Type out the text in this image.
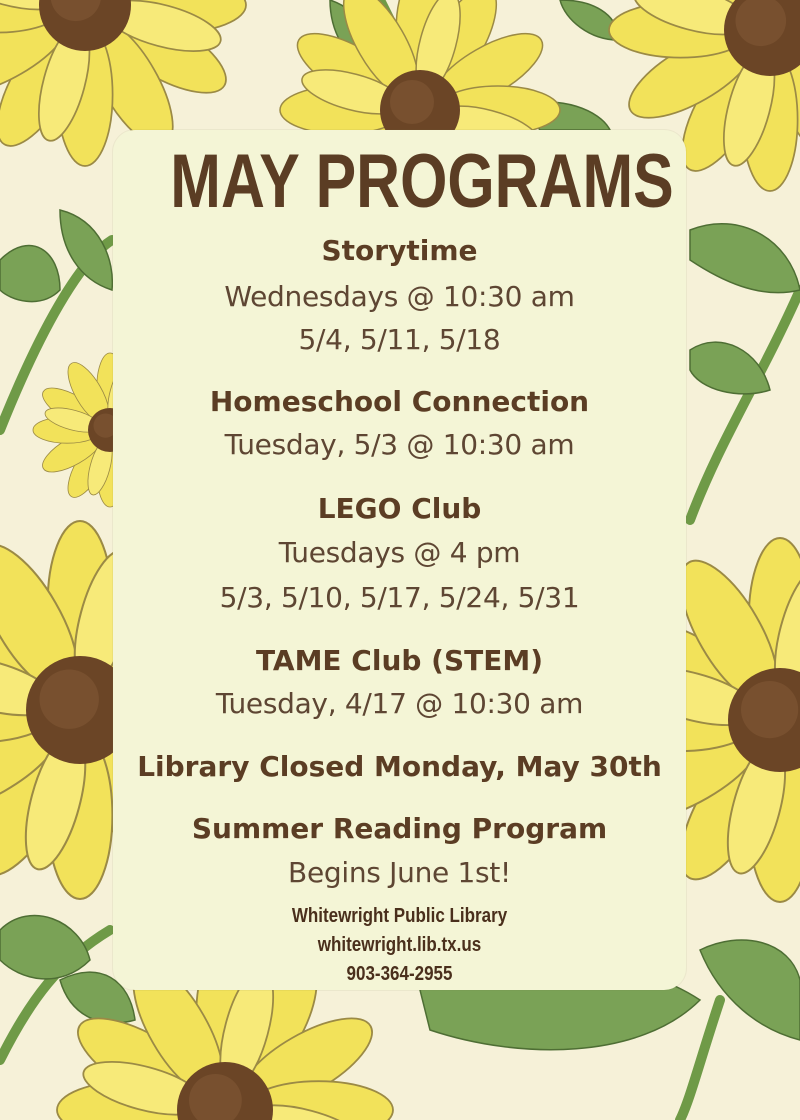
MAY PROGRAMS
Storytime
Wednesdays @ 10:30 am
5/4, 5/11, 5/18
Homeschool Connection
Tuesday, 5/3 @ 10:30 am
LEGO Club
Tuesdays @ 4 pm
5/3, 5/10, 5/17, 5/24, 5/31
TAME Club (STEM)
Tuesday, 4/17 @ 10:30 am
Library Closed Monday, May 30th
Summer Reading Program
Begins June 1st!
Whitewright Public Library
whitewright.lib.tx.us
903-364-2955
